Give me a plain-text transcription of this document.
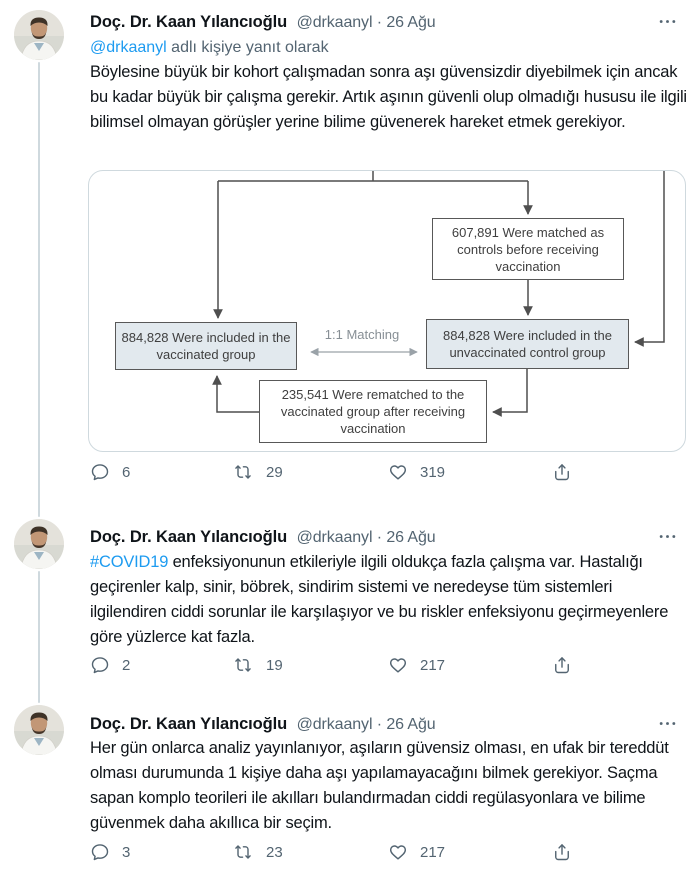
Doç. Dr. Kaan Yılancıoğlu @drkaanyl · 26 Ağu
@drkaanyl adlı kişiye yanıt olarak

Böylesine büyük bir kohort çalışmadan sonra aşı güvensizdir diyebilmek için ancak bu kadar büyük bir çalışma gerekir. Artık aşının güvenli olup olmadığı hususu ile ilgili bilimsel olmayan görüşler yerine bilime güvenerek hareket etmek gerekiyor.

607,891 Were matched as controls before receiving vaccination
884,828 Were included in the vaccinated group
884,828 Were included in the unvaccinated control group
235,541 Were rematched to the vaccinated group after receiving vaccination
1:1 Matching
6	29	319
Doç. Dr. Kaan Yılancıoğlu @drkaanyl · 26 Ağu

#COVID19 enfeksiyonunun etkileriyle ilgili oldukça fazla çalışma var. Hastalığı geçirenler kalp, sinir, böbrek, sindirim sistemi ve neredeyse tüm sistemleri ilgilendiren ciddi sorunlar ile karşılaşıyor ve bu riskler enfeksiyonu geçirmeyenlere göre yüzlerce kat fazla.

2	19	217
Doç. Dr. Kaan Yılancıoğlu @drkaanyl · 26 Ağu

Her gün onlarca analiz yayınlanıyor, aşıların güvensiz olması, en ufak bir tereddüt olması durumunda 1 kişiye daha aşı yapılamayacağını bilmek gerekiyor. Saçma sapan komplo teorileri ile akılları bulandırmadan ciddi regülasyonlara ve bilime güvenmek daha akıllıca bir seçim.

3	23	217
